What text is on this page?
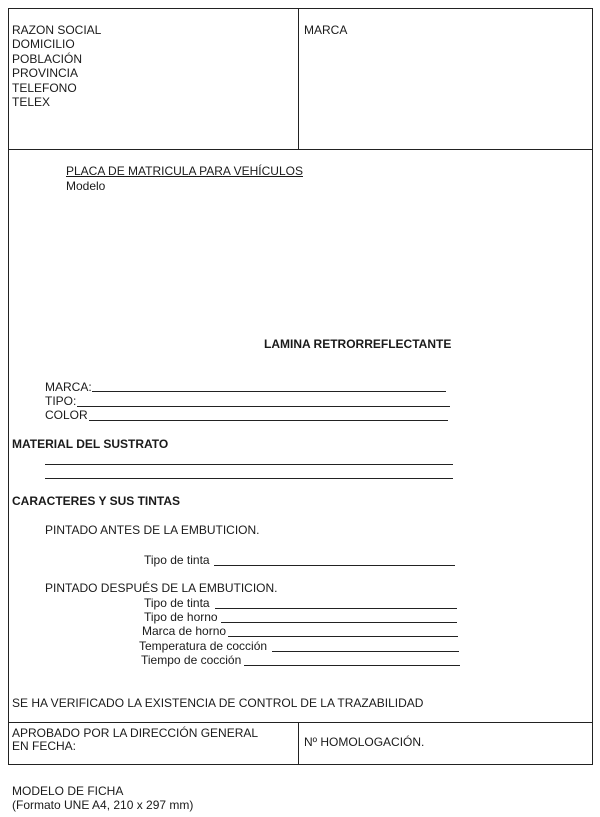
RAZON SOCIAL
DOMICILIO
POBLACIÓN
PROVINCIA
TELEFONO
TELEX
MARCA
PLACA DE MATRICULA PARA VEHÍCULOS
Modelo
LAMINA RETRORREFLECTANTE
MARCA:
TIPO:
COLOR
MATERIAL DEL SUSTRATO
CARACTERES Y SUS TINTAS
PINTADO ANTES DE LA EMBUTICION.
Tipo de tinta
PINTADO DESPUÉS DE LA EMBUTICION.
Tipo de tinta
Tipo de horno
Marca de horno
Temperatura de cocción
Tiempo de cocción
SE HA VERIFICADO LA EXISTENCIA DE CONTROL DE LA TRAZABILIDAD
APROBADO POR LA DIRECCIÓN GENERAL
EN FECHA:	Nº HOMOLOGACIÓN.
MODELO DE FICHA
(Formato UNE A4, 210 x 297 mm)
